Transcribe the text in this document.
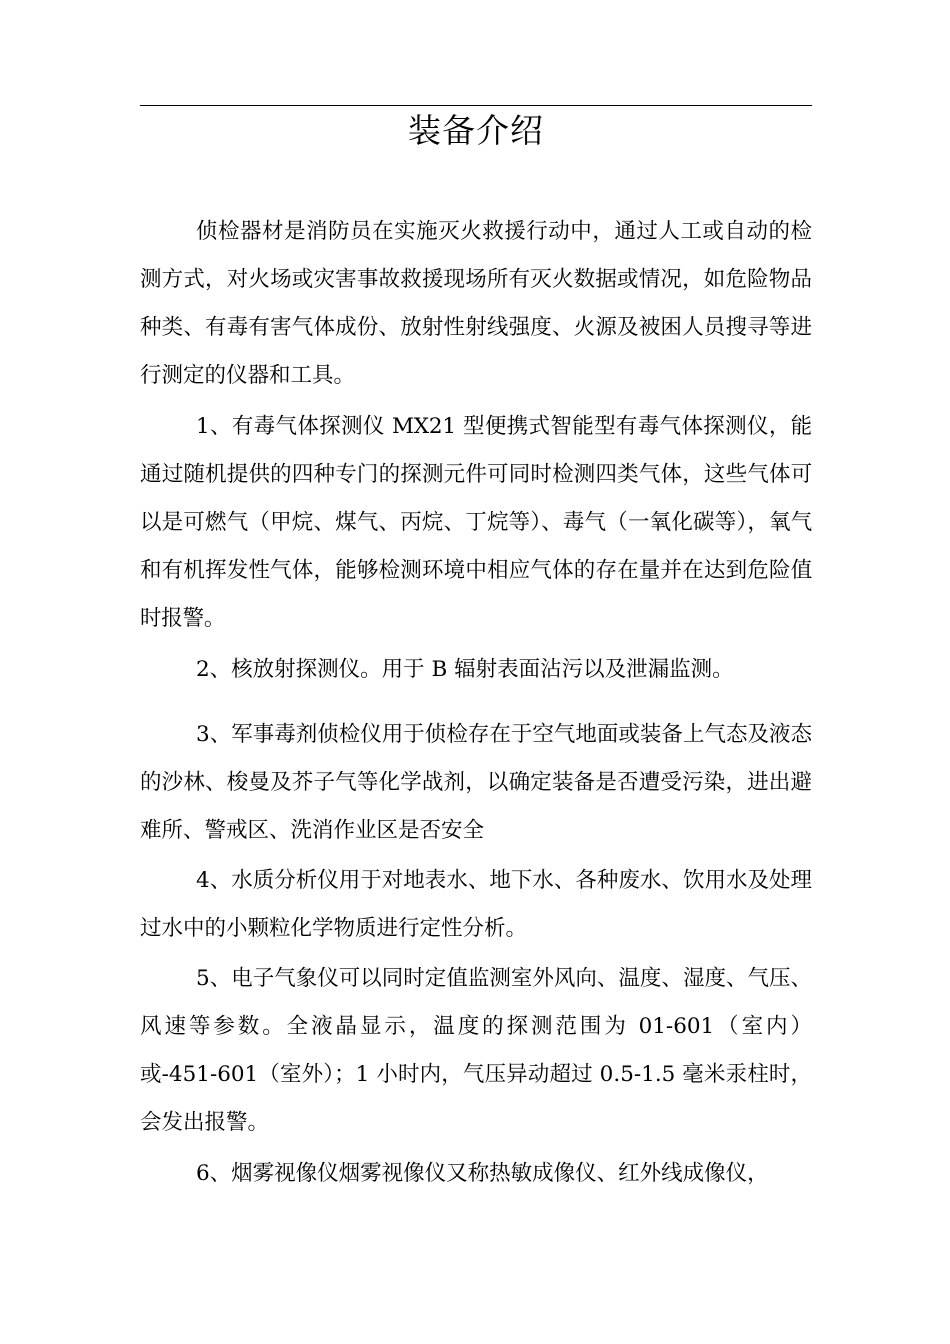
装备介绍

侦检器材是消防员在实施灭火救援行动中，通过人工或自动的检测方式，对火场或灾害事故救援现场所有灭火数据或情况，如危险物品种类、有毒有害气体成份、放射性射线强度、火源及被困人员搜寻等进行测定的仪器和工具。

1、有毒气体探测仪 MX21 型便携式智能型有毒气体探测仪，能通过随机提供的四种专门的探测元件可同时检测四类气体，这些气体可以是可燃气（甲烷、煤气、丙烷、丁烷等）、毒气（一氧化碳等），氧气和有机挥发性气体，能够检测环境中相应气体的存在量并在达到危险值时报警。

2、核放射探测仪。用于 B 辐射表面沾污以及泄漏监测。

3、军事毒剂侦检仪用于侦检存在于空气地面或装备上气态及液态的沙林、梭曼及芥子气等化学战剂，以确定装备是否遭受污染，进出避难所、警戒区、洗消作业区是否安全

4、水质分析仪用于对地表水、地下水、各种废水、饮用水及处理过水中的小颗粒化学物质进行定性分析。

5、电子气象仪可以同时定值监测室外风向、温度、湿度、气压、风速等参数。全液晶显示，温度的探测范围为 01-601（室内）或-451-601（室外）；1 小时内，气压异动超过 0.5-1.5 毫米汞柱时，会发出报警。

6、烟雾视像仪烟雾视像仪又称热敏成像仪、红外线成像仪，
